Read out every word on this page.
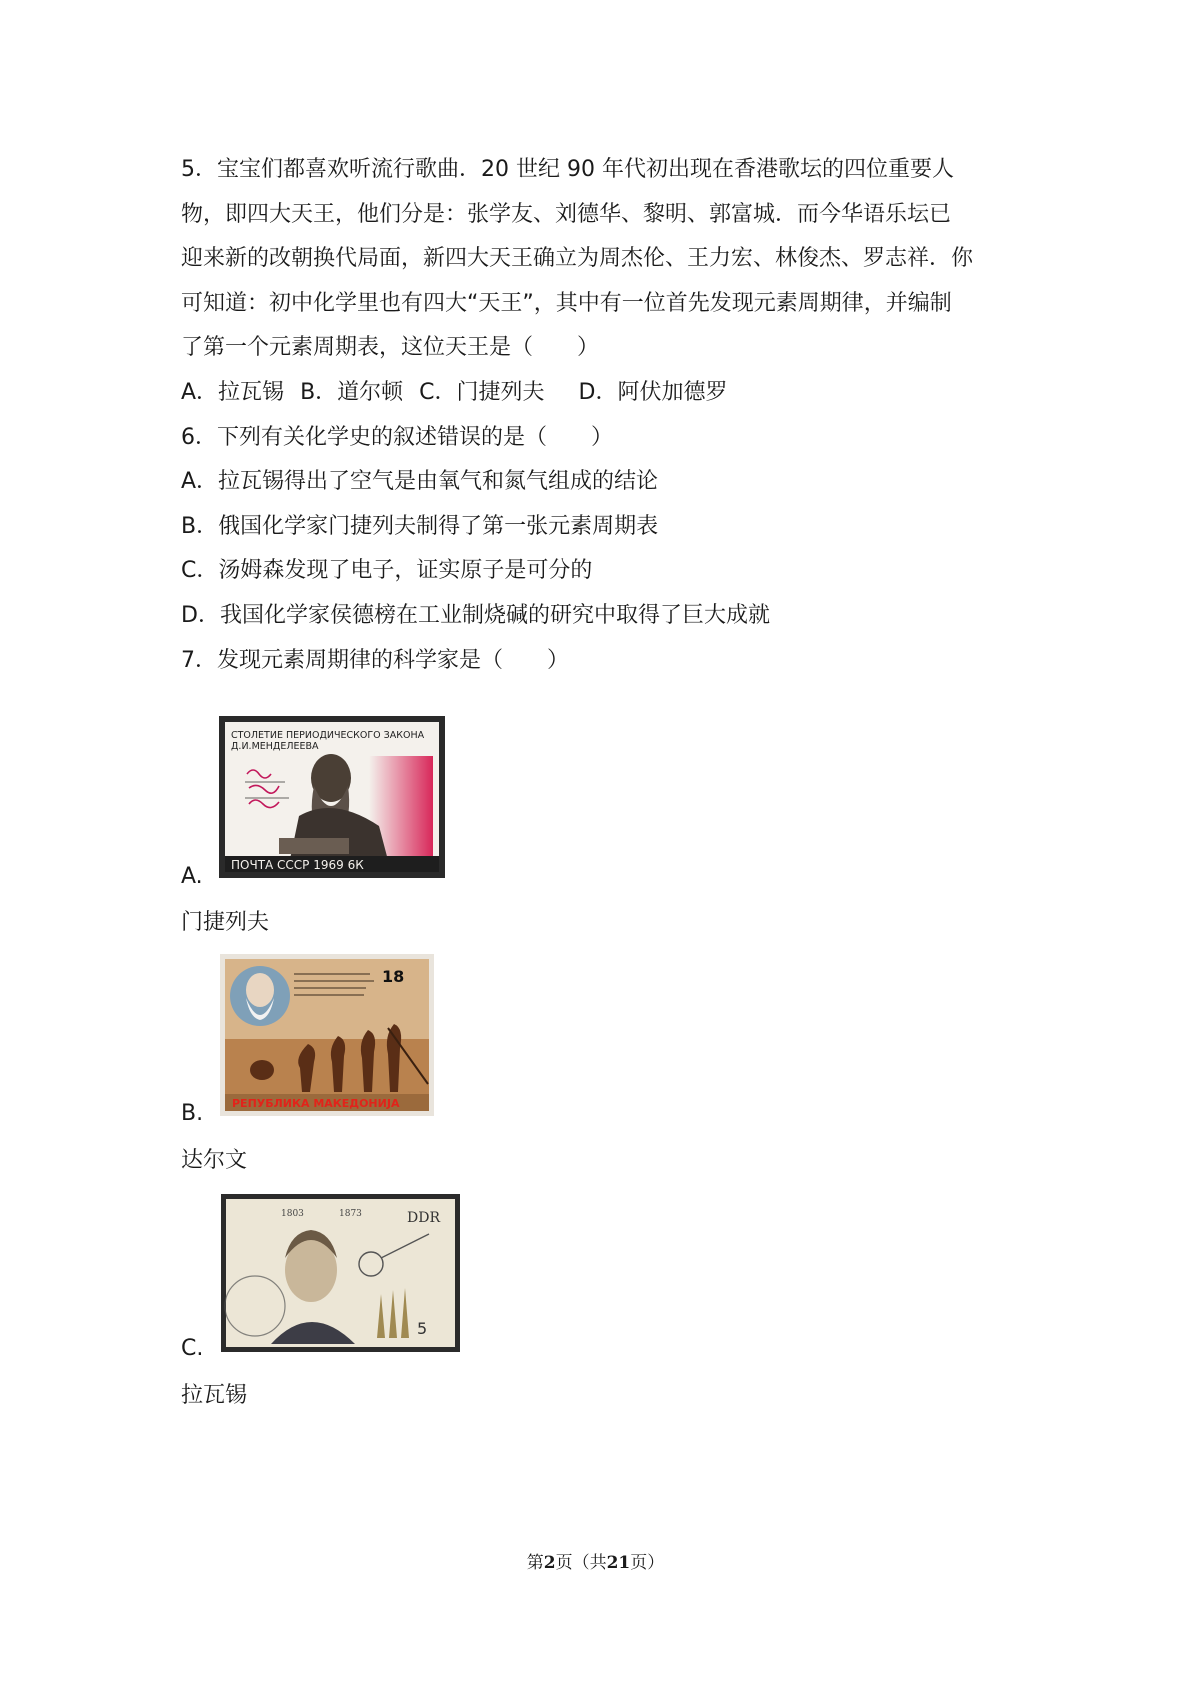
5．宝宝们都喜欢听流行歌曲．20 世纪 90 年代初出现在香港歌坛的四位重要人
物，即四大天王，他们分是：张学友、刘德华、黎明、郭富城．而今华语乐坛已
迎来新的改朝换代局面，新四大天王确立为周杰伦、王力宏、林俊杰、罗志祥．你
可知道：初中化学里也有四大“天王”，其中有一位首先发现元素周期律，并编制
了第一个元素周期表，这位天王是（　　）
A．拉瓦锡 B．道尔顿 C．门捷列夫 D．阿伏加德罗
6．下列有关化学史的叙述错误的是（　　）
A．拉瓦锡得出了空气是由氧气和氮气组成的结论
B．俄国化学家门捷列夫制得了第一张元素周期表
C．汤姆森发现了电子，证实原子是可分的
D．我国化学家侯德榜在工业制烧碱的研究中取得了巨大成就
7．发现元素周期律的科学家是（　　）
СТОЛЕТИЕ ПЕРИОДИЧЕСКОГО ЗАКОНА
Д.И.МЕНДЕЛЕЕВА
ПОЧТА СССР 1969 6К
A.
门捷列夫
18
РЕПУБЛИКА МАКЕДОНИЈА
B.
达尔文
1803	1873	DDR
5
C.
拉瓦锡
第2页（共21页）
